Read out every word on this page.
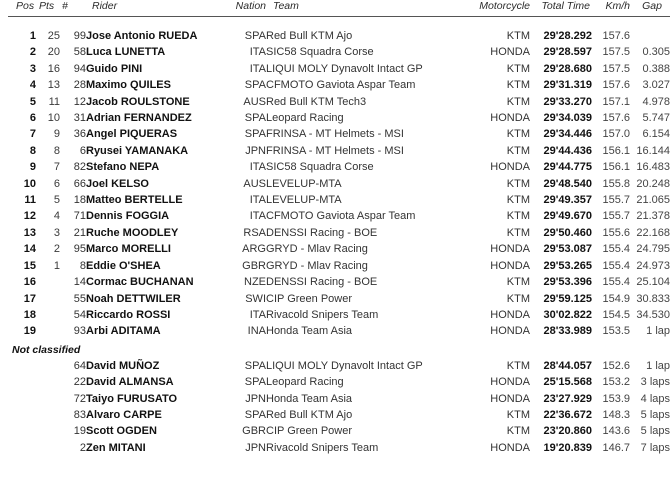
Pos	Pts	#	Rider	Nation	Team	Motorcycle	Total Time	Km/h	Gap

1	25	99	Jose Antonio RUEDA	SPA	Red Bull KTM Ajo	KTM	29'28.292	157.6	
2	20	58	Luca LUNETTA	ITA	SIC58 Squadra Corse	HONDA	29'28.597	157.5	0.305
3	16	94	Guido PINI	ITA	LIQUI MOLY Dynavolt Intact GP	KTM	29'28.680	157.5	0.388
4	13	28	Maximo QUILES	SPA	CFMOTO Gaviota Aspar Team	KTM	29'31.319	157.6	3.027
5	11	12	Jacob ROULSTONE	AUS	Red Bull KTM Tech3	KTM	29'33.270	157.1	4.978
6	10	31	Adrian FERNANDEZ	SPA	Leopard Racing	HONDA	29'34.039	157.6	5.747
7	9	36	Angel PIQUERAS	SPA	FRINSA - MT Helmets - MSI	KTM	29'34.446	157.0	6.154
8	8	6	Ryusei YAMANAKA	JPN	FRINSA - MT Helmets - MSI	KTM	29'44.436	156.1	16.144
9	7	82	Stefano NEPA	ITA	SIC58 Squadra Corse	HONDA	29'44.775	156.1	16.483
10	6	66	Joel KELSO	AUS	LEVELUP-MTA	KTM	29'48.540	155.8	20.248
11	5	18	Matteo BERTELLE	ITA	LEVELUP-MTA	KTM	29'49.357	155.7	21.065
12	4	71	Dennis FOGGIA	ITA	CFMOTO Gaviota Aspar Team	KTM	29'49.670	155.7	21.378
13	3	21	Ruche MOODLEY	RSA	DENSSI Racing - BOE	KTM	29'50.460	155.6	22.168
14	2	95	Marco MORELLI	ARG	GRYD - Mlav Racing	HONDA	29'53.087	155.4	24.795
15	1	8	Eddie O'SHEA	GBR	GRYD - Mlav Racing	HONDA	29'53.265	155.4	24.973
16		14	Cormac BUCHANAN	NZE	DENSSI Racing - BOE	KTM	29'53.396	155.4	25.104
17		55	Noah DETTWILER	SWI	CIP Green Power	KTM	29'59.125	154.9	30.833
18		54	Riccardo ROSSI	ITA	Rivacold Snipers Team	HONDA	30'02.822	154.5	34.530
19		93	Arbi ADITAMA	INA	Honda Team Asia	HONDA	28'33.989	153.5	1 lap
Not classified									
		64	David MUÑOZ	SPA	LIQUI MOLY Dynavolt Intact GP	KTM	28'44.057	152.6	1 lap
		22	David ALMANSA	SPA	Leopard Racing	HONDA	25'15.568	153.2	3 laps
		72	Taiyo FURUSATO	JPN	Honda Team Asia	HONDA	23'27.929	153.9	4 laps
		83	Alvaro CARPE	SPA	Red Bull KTM Ajo	KTM	22'36.672	148.3	5 laps
		19	Scott OGDEN	GBR	CIP Green Power	KTM	23'20.860	143.6	5 laps
		2	Zen MITANI	JPN	Rivacold Snipers Team	HONDA	19'20.839	146.7	7 laps
